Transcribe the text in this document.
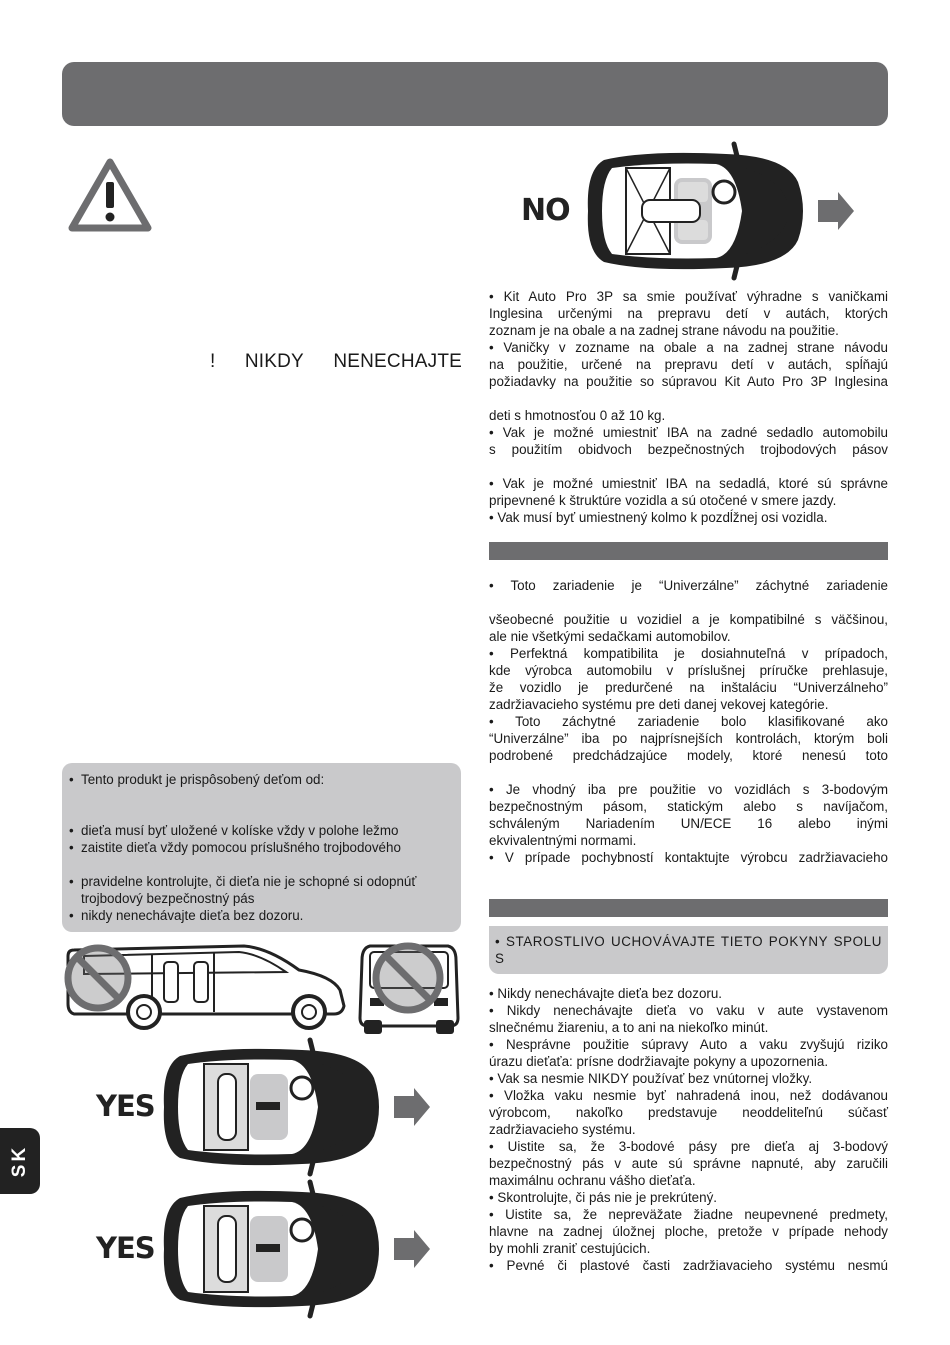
! NIKDY NENECHAJTE
• Tento produkt je prispôsobený deťom od:
• dieťa musí byť uložené v kolíske vždy v polohe ležmo
• zaistite dieťa vždy pomocou príslušného trojbodového
• pravidelne kontrolujte, či dieťa nie je schopné si odopnúť
trojbodový bezpečnostný pás
• nikdy nenechávajte dieťa bez dozoru.
NO

• Kit Auto Pro 3P sa smie používať výhradne s vaničkami

Inglesina určenými na prepravu detí v autách, ktorých

zoznam je na obale a na zadnej strane návodu na použitie.

• Vaničky v zozname na obale a na zadnej strane návodu

na použitie, určené na prepravu detí v autách, spĺňajú

požiadavky na použitie so súpravou Kit Auto Pro 3P Inglesina

deti s hmotnosťou 0 až 10 kg.

• Vak je možné umiestniť IBA na zadné sedadlo automobilu

s použitím obidvoch bezpečnostných trojbodových pásov

• Vak je možné umiestniť IBA na sedadlá, ktoré sú správne

pripevnené k štruktúre vozidla a sú otočené v smere jazdy.

• Vak musí byť umiestnený kolmo k pozdĺžnej osi vozidla.

• Toto zariadenie je “Univerzálne” záchytné zariadenie

všeobecné použitie u vozidiel a je kompatibilné s väčšinou,

ale nie všetkými sedačkami automobilov.

• Perfektná kompatibilita je dosiahnuteľná v prípadoch,

kde výrobca automobilu v príslušnej príručke prehlasuje,

že vozidlo je predurčené na inštaláciu “Univerzálneho”

zadržiavacieho systému pre deti danej vekovej kategórie.

• Toto záchytné zariadenie bolo klasifikované ako

“Univerzálne” iba po najprísnejších kontrolách, ktorým boli

podrobené predchádzajúce modely, ktoré nenesú toto

• Je vhodný iba pre použitie vo vozidlách s 3-bodovým

bezpečnostným pásom, statickým alebo s navíjačom,

schváleným Nariadením UN/ECE 16 alebo inými

ekvivalentnými normami.

• V prípade pochybností kontaktujte výrobcu zadržiavacieho

• STAROSTLIVO UCHOVÁVAJTE TIETO POKYNY SPOLU S

• Nikdy nenechávajte dieťa bez dozoru.

• Nikdy nenechávajte dieťa vo vaku v aute vystavenom

slnečnému žiareniu, a to ani na niekoľko minút.

• Nesprávne použitie súpravy Auto a vaku zvyšujú riziko

úrazu dieťaťa: prísne dodržiavajte pokyny a upozornenia.

• Vak sa nesmie NIKDY používať bez vnútornej vložky.

• Vložka vaku nesmie byť nahradená inou, než dodávanou

výrobcom, nakoľko predstavuje neoddeliteľnú súčasť

zadržiavacieho systému.

• Uistite sa, že 3-bodové pásy pre dieťa aj 3-bodový

bezpečnostný pás v aute sú správne napnuté, aby zaručili

maximálnu ochranu vášho dieťaťa.

• Skontrolujte, či pás nie je prekrútený.

• Uistite sa, že nepreväžate žiadne neupevnené predmety,

hlavne na zadnej úložnej ploche, pretože v prípade nehody

by mohli zraniť cestujúcich.

• Pevné či plastové časti zadržiavacieho systému nesmú

YES
YES
SK
